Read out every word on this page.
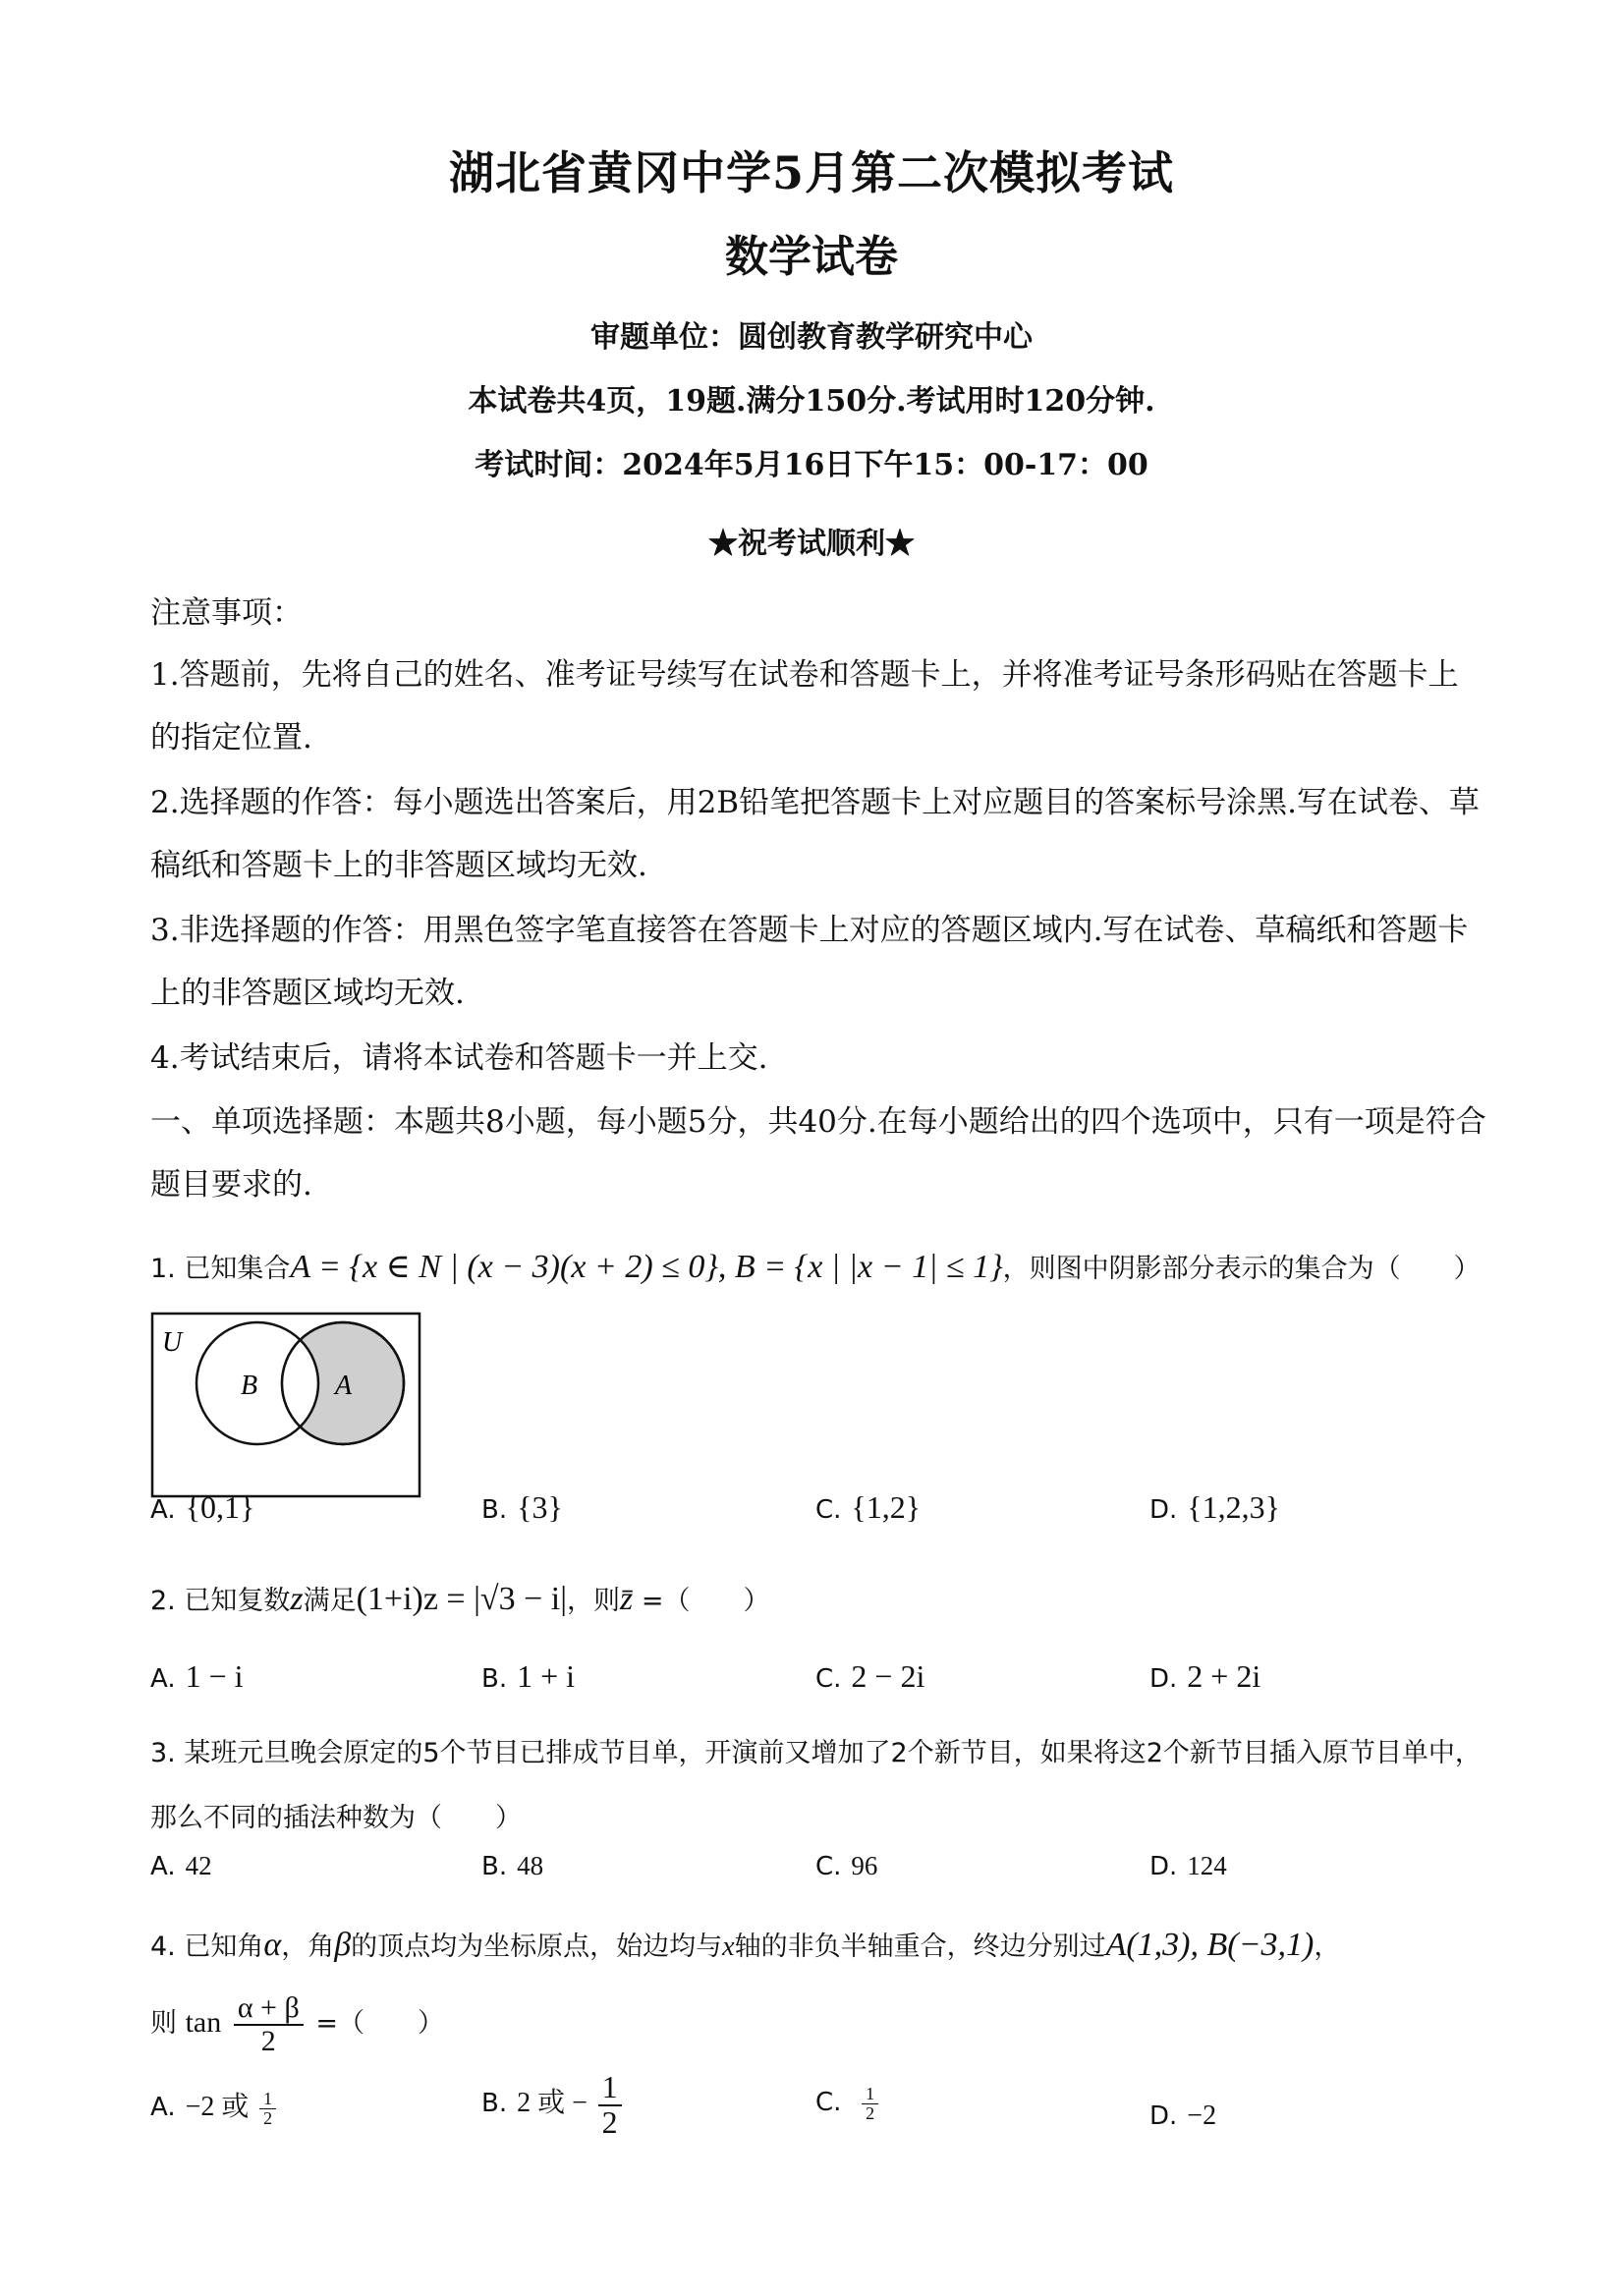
湖北省黄冈中学5月第二次模拟考试
数学试卷
审题单位：圆创教育教学研究中心
本试卷共4页，19题.满分150分.考试用时120分钟.
考试时间：2024年5月16日下午15：00-17：00
★祝考试顺利★
注意事项：
1.答题前，先将自己的姓名、准考证号续写在试卷和答题卡上，并将准考证号条形码贴在答题卡上的指定位置.
2.选择题的作答：每小题选出答案后，用2B铅笔把答题卡上对应题目的答案标号涂黑.写在试卷、草稿纸和答题卡上的非答题区域均无效.
3.非选择题的作答：用黑色签字笔直接答在答题卡上对应的答题区域内.写在试卷、草稿纸和答题卡上的非答题区域均无效.
4.考试结束后，请将本试卷和答题卡一并上交.
一、单项选择题：本题共8小题，每小题5分，共40分.在每小题给出的四个选项中，只有一项是符合题目要求的.
1. 已知集合A = {x ∈ N | (x − 3)(x + 2) ≤ 0}, B = {x | |x − 1| ≤ 1}，则图中阴影部分表示的集合为（　　）
U
B	A
A. {0,1}	B. {3}	C. {1,2}	D. {1,2,3}
2. 已知复数z满足(1+i)z = |√3 − i|，则z̄ =（　　）
A. 1 − i	B. 1 + i	C. 2 − 2i	D. 2 + 2i
3. 某班元旦晚会原定的5个节目已排成节目单，开演前又增加了2个新节目，如果将这2个新节目插入原节目单中，那么不同的插法种数为（　　）
A. 42	B. 48	C. 96	D. 124
4. 已知角α，角β的顶点均为坐标原点，始边均与x轴的非负半轴重合，终边分别过A(1,3), B(−3,1)，
则 $\tan \frac{\alpha + \beta}{2}$ =（　　）
A. −2 或 $\frac{1}{2}$	B. 2 或 − $\frac{1}{2}$	C. $\frac{1}{2}$	D. −2
